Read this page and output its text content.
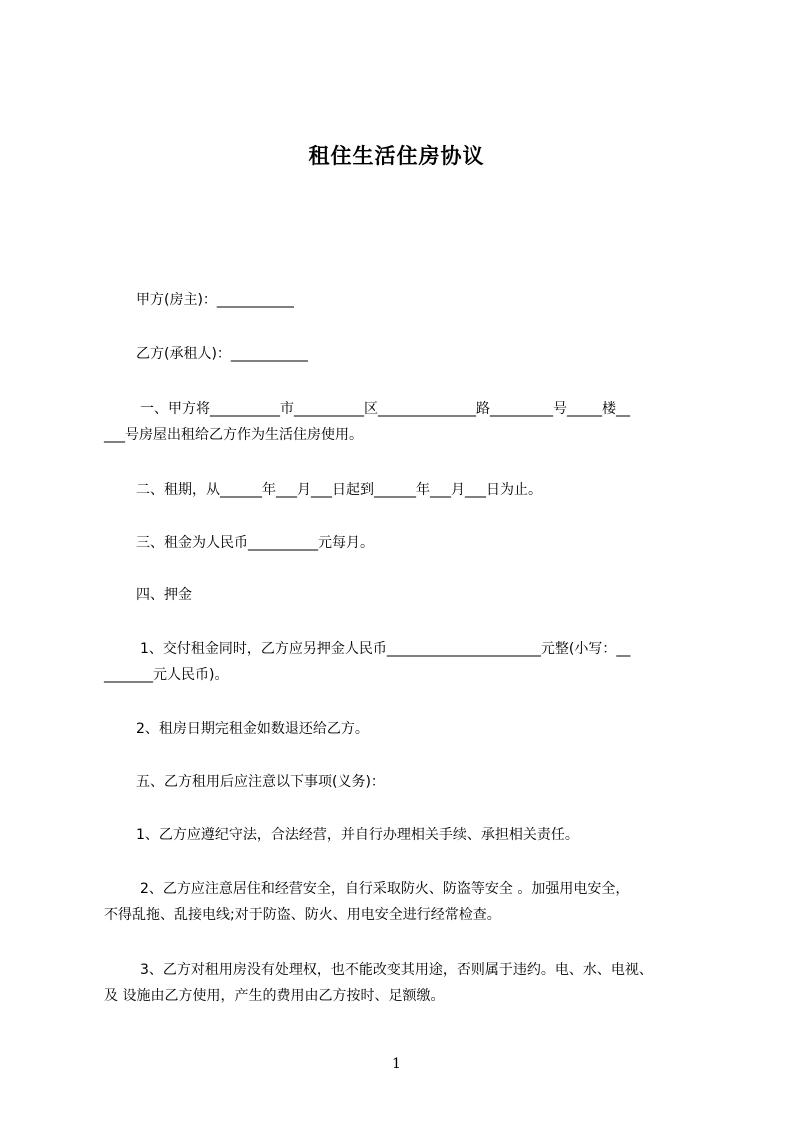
租住生活住房协议
甲方(房主)：___________
乙方(承租人)：___________
一、甲方将__________市__________区______________路_________号_____楼__
___号房屋出租给乙方作为生活住房使用。
二、租期，从______年___月___日起到______年___月___日为止。
三、租金为人民币__________元每月。
四、押金
1、交付租金同时，乙方应另押金人民币______________________元整(小写：__
_______元人民币)。
2、租房日期完租金如数退还给乙方。
五、乙方租用后应注意以下事项(义务)：
1、乙方应遵纪守法，合法经营，并自行办理相关手续、承担相关责任。
2、乙方应注意居住和经营安全，自行采取防火、防盗等安全 。加强用电安全，
不得乱拖、乱接电线;对于防盗、防火、用电安全进行经常检查。
3、乙方对租用房没有处理权，也不能改变其用途，否则属于违约。电、水、电视、
及 设施由乙方使用，产生的费用由乙方按时、足额缴。
1
